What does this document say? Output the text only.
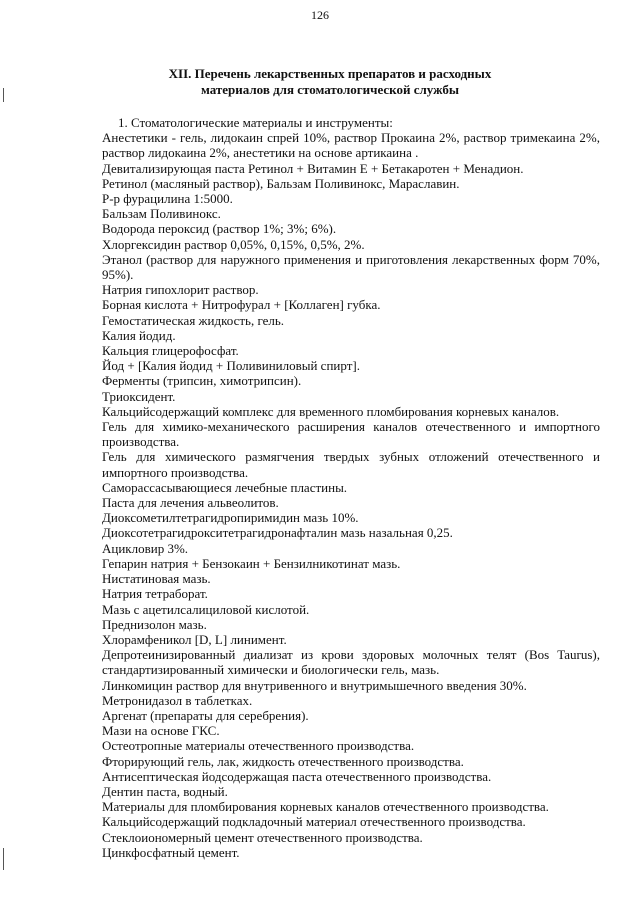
126
XII. Перечень лекарственных препаратов и расходных
материалов для стоматологической службы
1. Стоматологические материалы и инструменты:
Анестетики - гель, лидокаин спрей 10%, раствор Прокаина 2%, раствор тримекаина 2%, раствор лидокаина 2%, анестетики на основе артикаина .
Девитализирующая паста Ретинол + Витамин Е + Бетакаротен + Менадион.
Ретинол (масляный раствор), Бальзам Поливинокс, Мараславин.
Р-р фурацилина 1:5000.
Бальзам Поливинокс.
Водорода пероксид (раствор 1%; 3%; 6%).
Хлоргексидин раствор 0,05%, 0,15%, 0,5%, 2%.
Этанол (раствор для наружного применения и приготовления лекарственных форм 70%, 95%).
Натрия гипохлорит раствор.
Борная кислота + Нитрофурал + [Коллаген] губка.
Гемостатическая жидкость, гель.
Калия йодид.
Кальция глицерофосфат.
Йод + [Калия йодид + Поливиниловый спирт].
Ферменты (трипсин, химотрипсин).
Триоксидент.
Кальцийсодержащий комплекс для временного пломбирования корневых каналов.
Гель для химико-механического расширения каналов отечественного и импортного производства.
Гель для химического размягчения твердых зубных отложений отечественного и импортного производства.
Саморассасывающиеся лечебные пластины.
Паста для лечения альвеолитов.
Диоксометилтетрагидропиримидин мазь 10%.
Диоксотетрагидрокситетрагидронафталин мазь назальная 0,25.
Ацикловир 3%.
Гепарин натрия + Бензокаин + Бензилникотинат мазь.
Нистатиновая мазь.
Натрия тетраборат.
Мазь с ацетилсалициловой кислотой.
Преднизолон мазь.
Хлорамфеникол [D, L] линимент.
Депротеинизированный диализат из крови здоровых молочных телят (Bos Taurus), стандартизированный химически и биологически гель, мазь.
Линкомицин раствор для внутривенного и внутримышечного введения 30%.
Метронидазол в таблетках.
Аргенат (препараты для серебрения).
Мази на основе ГКС.
Остеотропные материалы отечественного производства.
Фторирующий гель, лак, жидкость отечественного производства.
Антисептическая йодсодержащая паста отечественного производства.
Дентин паста, водный.
Материалы для пломбирования корневых каналов отечественного производства.
Кальцийсодержащий подкладочный материал отечественного производства.
Стеклоиономерный цемент отечественного производства.
Цинкфосфатный цемент.
